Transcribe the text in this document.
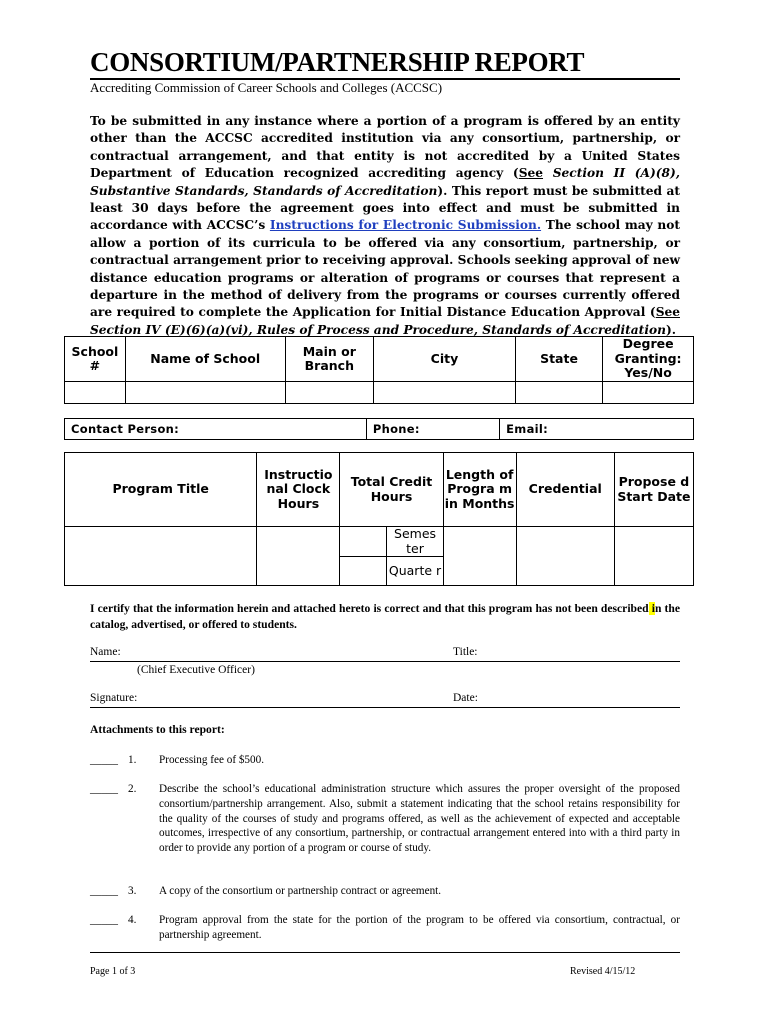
CONSORTIUM/PARTNERSHIP REPORT
Accrediting Commission of Career Schools and Colleges (ACCSC)
To be submitted in any instance where a portion of a program is offered by an entity other than the ACCSC accredited institution via any consortium, partnership, or contractual arrangement, and that entity is not accredited by a United States Department of Education recognized accrediting agency (See Section II (A)(8), Substantive Standards, Standards of Accreditation). This report must be submitted at least 30 days before the agreement goes into effect and must be submitted in accordance with ACCSC’s Instructions for Electronic Submission. The school may not allow a portion of its curricula to be offered via any consortium, partnership, or contractual arrangement prior to receiving approval. Schools seeking approval of new distance education programs or alteration of programs or courses that represent a departure in the method of delivery from the programs or courses currently offered are required to complete the Application for Initial Distance Education Approval (See Section IV (E)(6)(a)(vi), Rules of Process and Procedure, Standards of Accreditation).
School #	Name of School	Main or Branch	City	State	Degree Granting: Yes/No

Contact Person:	Phone:	Email:
Program Title	Instructio nal Clock Hours	Total Credit Hours		Length of Progra m in Months	Credential	Propose d Start Date
			Semes ter			
			Quarte r			
I certify that the information herein and attached hereto is correct and that this program has not been described in the catalog, advertised, or offered to students.
Name:	Title:
(Chief Executive Officer)
Signature:	Date:
Attachments to this report:
_____ 1. Processing fee of $500.
_____ 2. Describe the school’s educational administration structure which assures the proper oversight of the proposed consortium/partnership arrangement. Also, submit a statement indicating that the school retains responsibility for the quality of the courses of study and programs offered, as well as the achievement of expected and acceptable outcomes, irrespective of any consortium, partnership, or contractual arrangement entered into with a third party in order to provide any portion of a program or course of study.
_____ 3. A copy of the consortium or partnership contract or agreement.
_____ 4. Program approval from the state for the portion of the program to be offered via consortium, contractual, or partnership agreement.
Page 1 of 3	Revised 4/15/12
